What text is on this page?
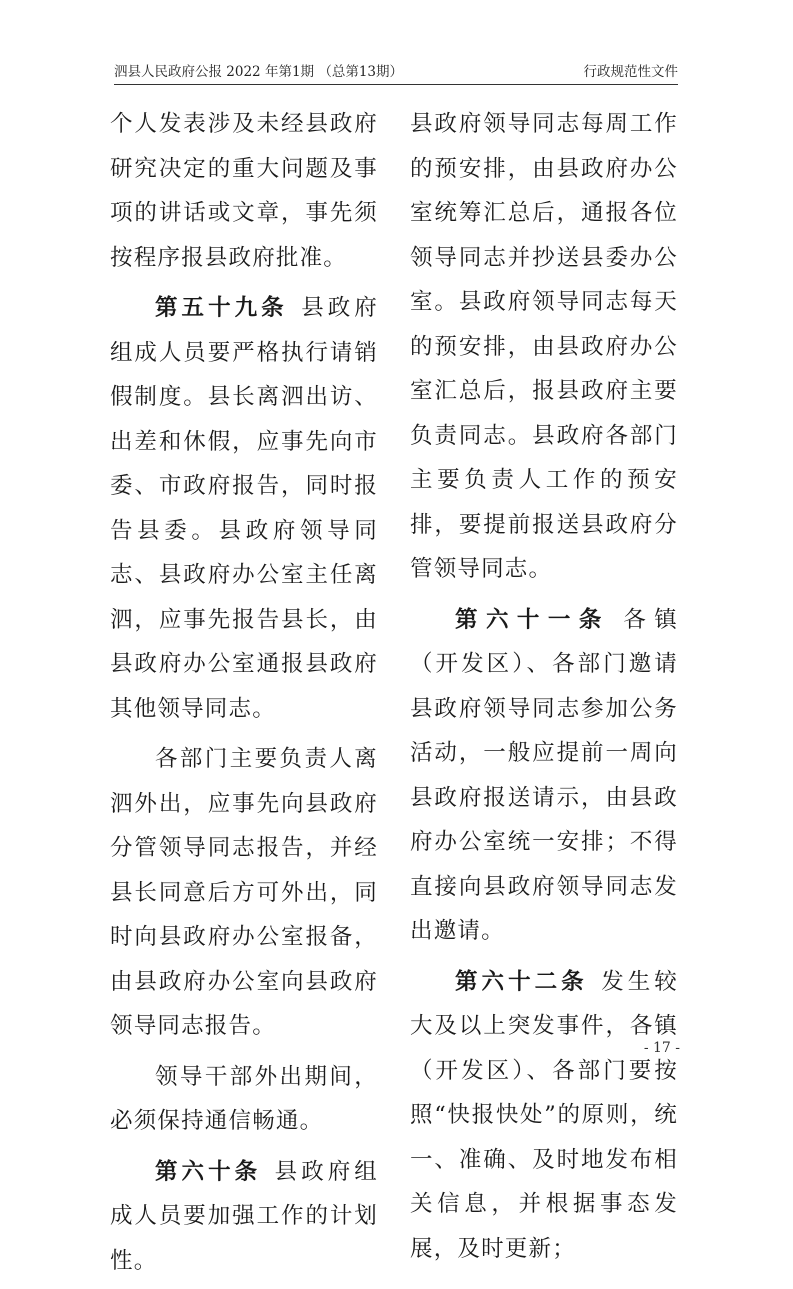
泗县人民政府公报 2022 年第1期 （总第13期）	行政规范性文件

个人发表涉及未经县政府研究决定的重大问题及事项的讲话或文章，事先须按程序报县政府批准。

第五十九条 县政府组成人员要严格执行请销假制度。县长离泗出访、出差和休假，应事先向市委、市政府报告，同时报告县委。县政府领导同志、县政府办公室主任离泗，应事先报告县长，由县政府办公室通报县政府其他领导同志。

各部门主要负责人离泗外出，应事先向县政府分管领导同志报告，并经县长同意后方可外出，同时向县政府办公室报备，由县政府办公室向县政府领导同志报告。

领导干部外出期间，必须保持通信畅通。

第六十条 县政府组成人员要加强工作的计划性。

县政府领导同志每周工作的预安排，由县政府办公室统筹汇总后，通报各位领导同志并抄送县委办公室。县政府领导同志每天的预安排，由县政府办公室汇总后，报县政府主要负责同志。县政府各部门主要负责人工作的预安排，要提前报送县政府分管领导同志。

第六十一条 各镇（开发区）、各部门邀请县政府领导同志参加公务活动，一般应提前一周向县政府报送请示，由县政府办公室统一安排；不得直接向县政府领导同志发出邀请。

第六十二条 发生较大及以上突发事件，各镇（开发区）、各部门要按照“快报快处”的原则，统一、准确、及时地发布相关信息，并根据事态发展，及时更新；

- 17 -
